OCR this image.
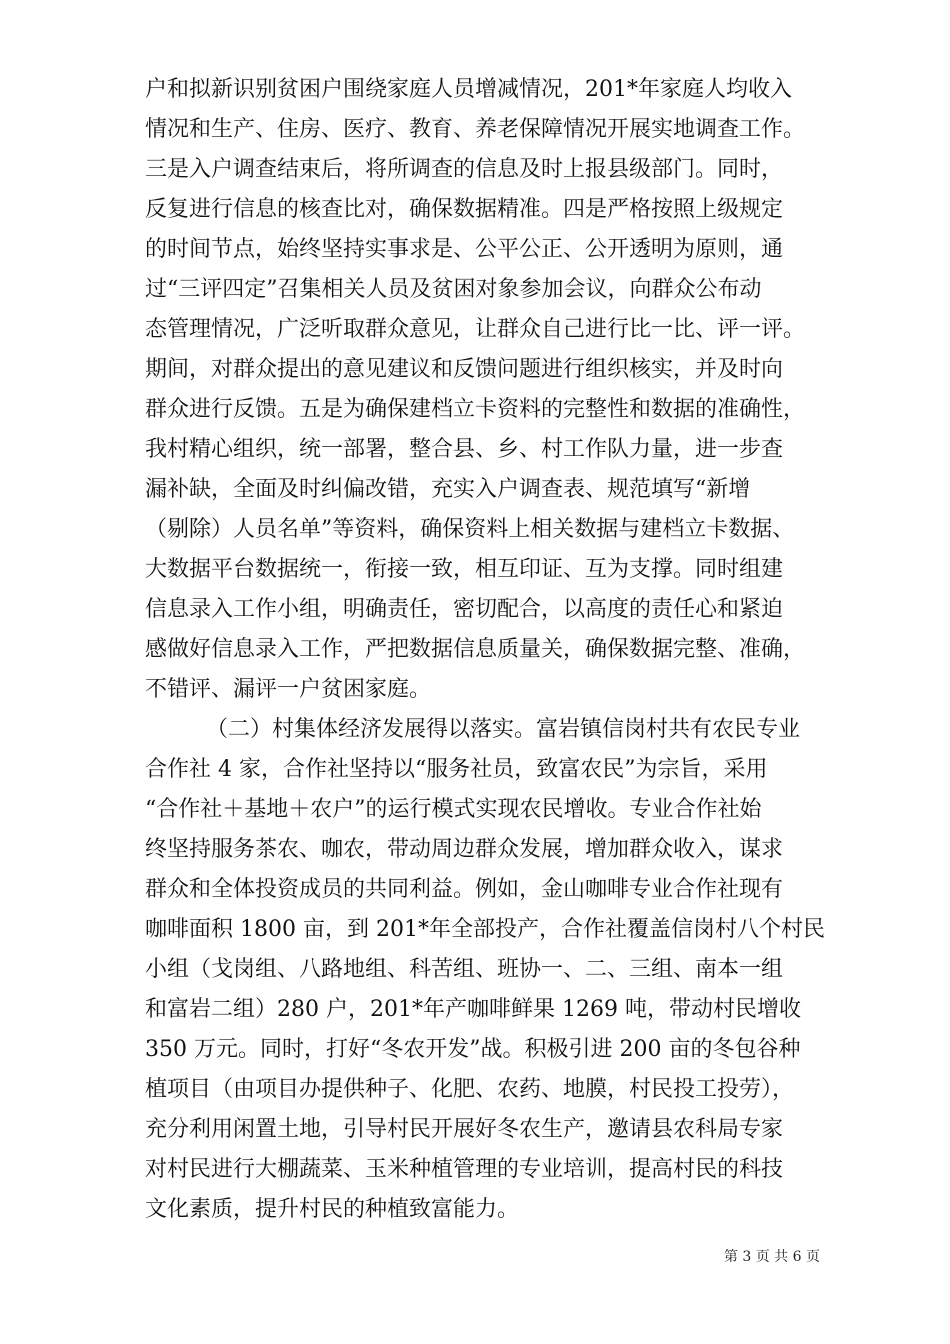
户和拟新识别贫困户围绕家庭人员增减情况，201*年家庭人均收入
情况和生产、住房、医疗、教育、养老保障情况开展实地调查工作。
三是入户调查结束后，将所调查的信息及时上报县级部门。同时，
反复进行信息的核查比对，确保数据精准。四是严格按照上级规定
的时间节点，始终坚持实事求是、公平公正、公开透明为原则，通
过“三评四定”召集相关人员及贫困对象参加会议，向群众公布动
态管理情况，广泛听取群众意见，让群众自己进行比一比、评一评。
期间，对群众提出的意见建议和反馈问题进行组织核实，并及时向
群众进行反馈。五是为确保建档立卡资料的完整性和数据的准确性，
我村精心组织，统一部署，整合县、乡、村工作队力量，进一步查
漏补缺，全面及时纠偏改错，充实入户调查表、规范填写“新增
（剔除）人员名单”等资料，确保资料上相关数据与建档立卡数据、
大数据平台数据统一，衔接一致，相互印证、互为支撑。同时组建
信息录入工作小组，明确责任，密切配合，以高度的责任心和紧迫
感做好信息录入工作，严把数据信息质量关，确保数据完整、准确，
不错评、漏评一户贫困家庭。
（二）村集体经济发展得以落实。富岩镇信岗村共有农民专业
合作社 4 家，合作社坚持以“服务社员，致富农民”为宗旨，采用
“合作社＋基地＋农户”的运行模式实现农民增收。专业合作社始
终坚持服务茶农、咖农，带动周边群众发展，增加群众收入，谋求
群众和全体投资成员的共同利益。例如，金山咖啡专业合作社现有
咖啡面积 1800 亩，到 201*年全部投产，合作社覆盖信岗村八个村民
小组（戈岗组、八路地组、科苦组、班协一、二、三组、南本一组
和富岩二组）280 户，201*年产咖啡鲜果 1269 吨，带动村民增收
350 万元。同时，打好“冬农开发”战。积极引进 200 亩的冬包谷种
植项目（由项目办提供种子、化肥、农药、地膜，村民投工投劳），
充分利用闲置土地，引导村民开展好冬农生产，邀请县农科局专家
对村民进行大棚蔬菜、玉米种植管理的专业培训，提高村民的科技
文化素质，提升村民的种植致富能力。
第 3 页 共 6 页
